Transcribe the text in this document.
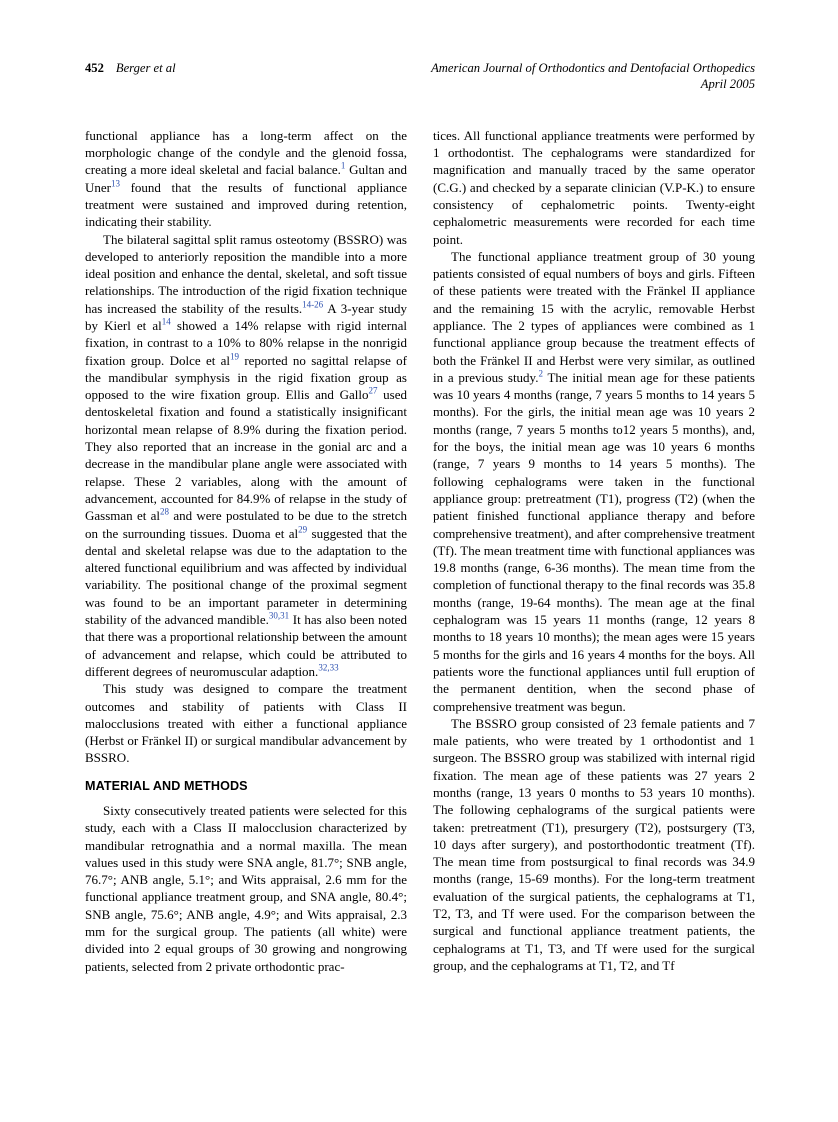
452 Berger et al	American Journal of Orthodontics and Dentofacial Orthopedics
April 2005

functional appliance has a long-term affect on the morphologic change of the condyle and the glenoid fossa, creating a more ideal skeletal and facial balance.$^1$ Gultan and Uner$^{13}$ found that the results of functional appliance treatment were sustained and improved during retention, indicating their stability.

The bilateral sagittal split ramus osteotomy (BSSRO) was developed to anteriorly reposition the mandible into a more ideal position and enhance the dental, skeletal, and soft tissue relationships. The introduction of the rigid fixation technique has increased the stability of the results.$^{14-26}$ A 3-year study by Kierl et al$^{14}$ showed a 14% relapse with rigid internal fixation, in contrast to a 10% to 80% relapse in the nonrigid fixation group. Dolce et al$^{19}$ reported no sagittal relapse of the mandibular symphysis in the rigid fixation group as opposed to the wire fixation group. Ellis and Gallo$^{27}$ used dentoskeletal fixation and found a statistically insignificant horizontal mean relapse of 8.9% during the fixation period. They also reported that an increase in the gonial arc and a decrease in the mandibular plane angle were associated with relapse. These 2 variables, along with the amount of advancement, accounted for 84.9% of relapse in the study of Gassman et al$^{28}$ and were postulated to be due to the stretch on the surrounding tissues. Duoma et al$^{29}$ suggested that the dental and skeletal relapse was due to the adaptation to the altered functional equilibrium and was affected by individual variability. The positional change of the proximal segment was found to be an important parameter in determining stability of the advanced mandible.$^{30,31}$ It has also been noted that there was a proportional relationship between the amount of advancement and relapse, which could be attributed to different degrees of neuromuscular adaption.$^{32,33}$

This study was designed to compare the treatment outcomes and stability of patients with Class II malocclusions treated with either a functional appliance (Herbst or Fränkel II) or surgical mandibular advancement by BSSRO.

MATERIAL AND METHODS

Sixty consecutively treated patients were selected for this study, each with a Class II malocclusion characterized by mandibular retrognathia and a normal maxilla. The mean values used in this study were SNA angle, 81.7°; SNB angle, 76.7°; ANB angle, 5.1°; and Wits appraisal, 2.6 mm for the functional appliance treatment group, and SNA angle, 80.4°; SNB angle, 75.6°; ANB angle, 4.9°; and Wits appraisal, 2.3 mm for the surgical group. The patients (all white) were divided into 2 equal groups of 30 growing and nongrowing patients, selected from 2 private orthodontic prac-

tices. All functional appliance treatments were performed by 1 orthodontist. The cephalograms were standardized for magnification and manually traced by the same operator (C.G.) and checked by a separate clinician (V.P-K.) to ensure consistency of cephalometric points. Twenty-eight cephalometric measurements were recorded for each time point.

The functional appliance treatment group of 30 young patients consisted of equal numbers of boys and girls. Fifteen of these patients were treated with the Fränkel II appliance and the remaining 15 with the acrylic, removable Herbst appliance. The 2 types of appliances were combined as 1 functional appliance group because the treatment effects of both the Fränkel II and Herbst were very similar, as outlined in a previous study.$^2$ The initial mean age for these patients was 10 years 4 months (range, 7 years 5 months to 14 years 5 months). For the girls, the initial mean age was 10 years 2 months (range, 7 years 5 months to12 years 5 months), and, for the boys, the initial mean age was 10 years 6 months (range, 7 years 9 months to 14 years 5 months). The following cephalograms were taken in the functional appliance group: pretreatment (T1), progress (T2) (when the patient finished functional appliance therapy and before comprehensive treatment), and after comprehensive treatment (Tf). The mean treatment time with functional appliances was 19.8 months (range, 6-36 months). The mean time from the completion of functional therapy to the final records was 35.8 months (range, 19-64 months). The mean age at the final cephalogram was 15 years 11 months (range, 12 years 8 months to 18 years 10 months); the mean ages were 15 years 5 months for the girls and 16 years 4 months for the boys. All patients wore the functional appliances until full eruption of the permanent dentition, when the second phase of comprehensive treatment was begun.

The BSSRO group consisted of 23 female patients and 7 male patients, who were treated by 1 orthodontist and 1 surgeon. The BSSRO group was stabilized with internal rigid fixation. The mean age of these patients was 27 years 2 months (range, 13 years 0 months to 53 years 10 months). The following cephalograms of the surgical patients were taken: pretreatment (T1), presurgery (T2), postsurgery (T3, 10 days after surgery), and postorthodontic treatment (Tf). The mean time from postsurgical to final records was 34.9 months (range, 15-69 months). For the long-term treatment evaluation of the surgical patients, the cephalograms at T1, T2, T3, and Tf were used. For the comparison between the surgical and functional appliance treatment patients, the cephalograms at T1, T3, and Tf were used for the surgical group, and the cephalograms at T1, T2, and Tf
